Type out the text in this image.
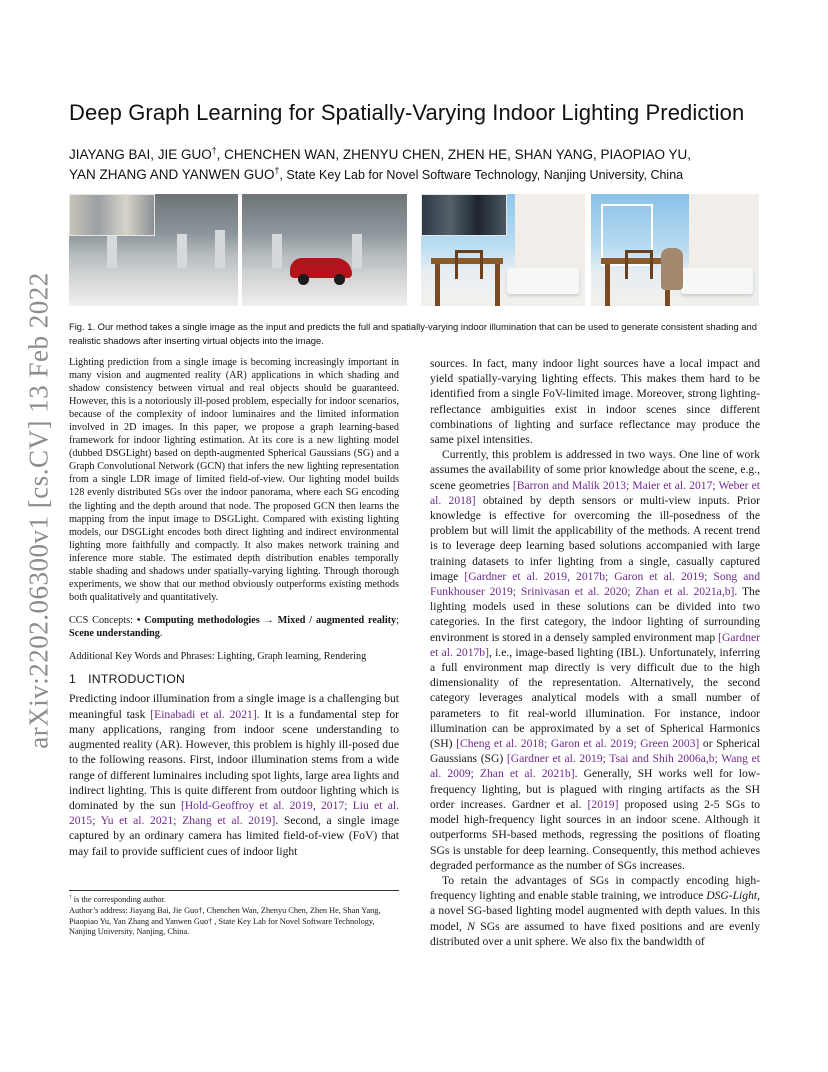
arXiv:2202.06300v1 [cs.CV] 13 Feb 2022
Deep Graph Learning for Spatially-Varying Indoor Lighting Prediction
JIAYANG BAI, JIE GUO†, CHENCHEN WAN, ZHENYU CHEN, ZHEN HE, SHAN YANG, PIAOPIAO YU,
YAN ZHANG AND YANWEN GUO†, State Key Lab for Novel Software Technology, Nanjing University, China
Fig. 1. Our method takes a single image as the input and predicts the full and spatially-varying indoor illumination that can be used to generate consistent shading and realistic shadows after inserting virtual objects into the image.

Lighting prediction from a single image is becoming increasingly important in many vision and augmented reality (AR) applications in which shading and shadow consistency between virtual and real objects should be guaranteed. However, this is a notoriously ill-posed problem, especially for indoor scenarios, because of the complexity of indoor luminaires and the limited information involved in 2D images. In this paper, we propose a graph learning-based framework for indoor lighting estimation. At its core is a new lighting model (dubbed DSGLight) based on depth-augmented Spherical Gaussians (SG) and a Graph Convolutional Network (GCN) that infers the new lighting representation from a single LDR image of limited field-of-view. Our lighting model builds 128 evenly distributed SGs over the indoor panorama, where each SG encoding the lighting and the depth around that node. The proposed GCN then learns the mapping from the input image to DSGLight. Compared with existing lighting models, our DSGLight encodes both direct lighting and indirect environmental lighting more faithfully and compactly. It also makes network training and inference more stable. The estimated depth distribution enables temporally stable shading and shadows under spatially-varying lighting. Through thorough experiments, we show that our method obviously outperforms existing methods both qualitatively and quantitatively.

CCS Concepts: • Computing methodologies → Mixed / augmented reality; Scene understanding.

Additional Key Words and Phrases: Lighting, Graph learning, Rendering

1 INTRODUCTION

Predicting indoor illumination from a single image is a challenging but meaningful task [Einabadi et al. 2021]. It is a fundamental step for many applications, ranging from indoor scene understanding to augmented reality (AR). However, this problem is highly ill-posed due to the following reasons. First, indoor illumination stems from a wide range of different luminaires including spot lights, large area lights and indirect lighting. This is quite different from outdoor lighting which is dominated by the sun [Hold-Geoffroy et al. 2019, 2017; Liu et al. 2015; Yu et al. 2021; Zhang et al. 2019]. Second, a single image captured by an ordinary camera has limited field-of-view (FoV) that may fail to provide sufficient cues of indoor light

† is the corresponding author.

Author’s address: Jiayang Bai, Jie Guo†, Chenchen Wan, Zhenyu Chen, Zhen He, Shan Yang, Piaopiao Yu, Yan Zhang and Yanwen Guo† , State Key Lab for Novel Software Technology, Nanjing University, Nanjing, China.

sources. In fact, many indoor light sources have a local impact and yield spatially-varying lighting effects. This makes them hard to be identified from a single FoV-limited image. Moreover, strong lighting-reflectance ambiguities exist in indoor scenes since different combinations of lighting and surface reflectance may produce the same pixel intensities.

Currently, this problem is addressed in two ways. One line of work assumes the availability of some prior knowledge about the scene, e.g., scene geometries [Barron and Malik 2013; Maier et al. 2017; Weber et al. 2018] obtained by depth sensors or multi-view inputs. Prior knowledge is effective for overcoming the ill-posedness of the problem but will limit the applicability of the methods. A recent trend is to leverage deep learning based solutions accompanied with large training datasets to infer lighting from a single, casually captured image [Gardner et al. 2019, 2017b; Garon et al. 2019; Song and Funkhouser 2019; Srinivasan et al. 2020; Zhan et al. 2021a,b]. The lighting models used in these solutions can be divided into two categories. In the first category, the indoor lighting of surrounding environment is stored in a densely sampled environment map [Gardner et al. 2017b], i.e., image-based lighting (IBL). Unfortunately, inferring a full environment map directly is very difficult due to the high dimensionality of the representation. Alternatively, the second category leverages analytical models with a small number of parameters to fit real-world illumination. For instance, indoor illumination can be approximated by a set of Spherical Harmonics (SH) [Cheng et al. 2018; Garon et al. 2019; Green 2003] or Spherical Gaussians (SG) [Gardner et al. 2019; Tsai and Shih 2006a,b; Wang et al. 2009; Zhan et al. 2021b]. Generally, SH works well for low-frequency lighting, but is plagued with ringing artifacts as the SH order increases. Gardner et al. [2019] proposed using 2-5 SGs to model high-frequency light sources in an indoor scene. Although it outperforms SH-based methods, regressing the positions of floating SGs is unstable for deep learning. Consequently, this method achieves degraded performance as the number of SGs increases.

To retain the advantages of SGs in compactly encoding high-frequency lighting and enable stable training, we introduce DSG-Light, a novel SG-based lighting model augmented with depth values. In this model, N SGs are assumed to have fixed positions and are evenly distributed over a unit sphere. We also fix the bandwidth of
